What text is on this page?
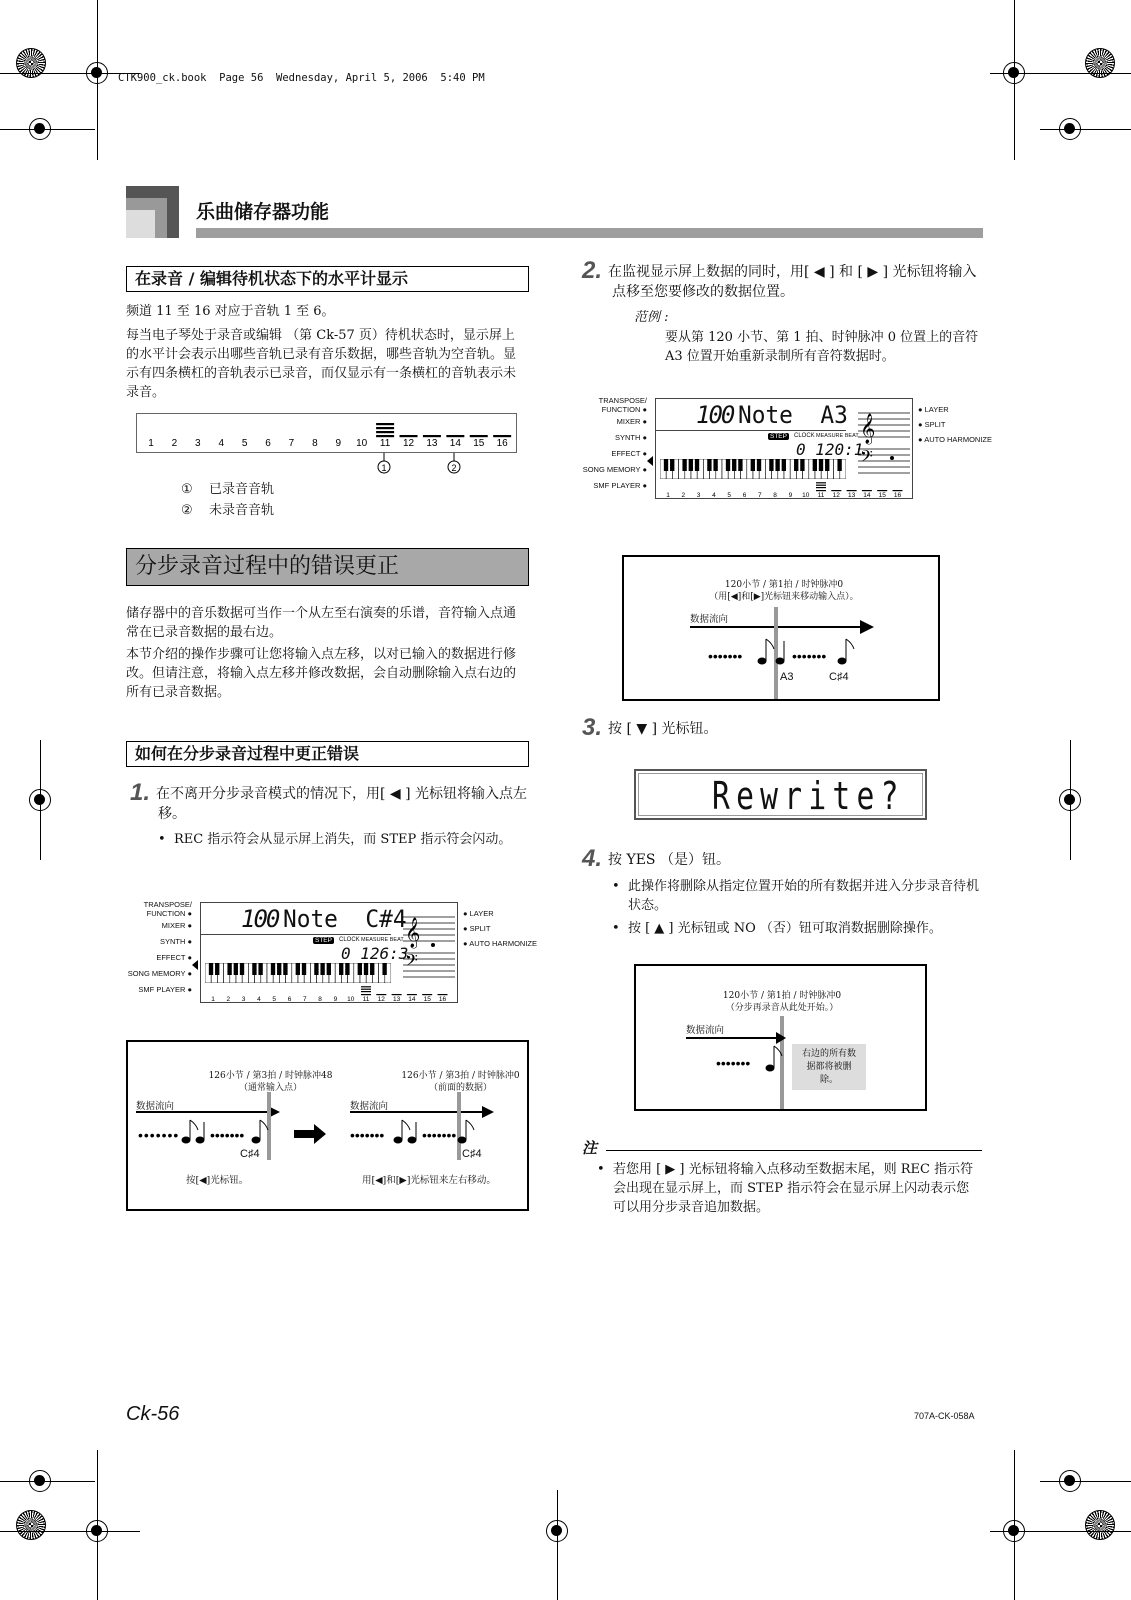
CTK900_ck.book  Page 56  Wednesday, April 5, 2006  5:40 PM
乐曲储存器功能
在录音 / 编辑待机状态下的水平计显示
频道 11 至 16 对应于音轨 1 至 6。
每当电子琴处于录音或编辑 （第 Ck-57 页）待机状态时，显示屏上的水平计会表示出哪些音轨已录有音乐数据，哪些音轨为空音轨。显示有四条横杠的音轨表示已录音，而仅显示有一条横杠的音轨表示未录音。
1 2 3 4 5 6 7 8 9 10 11 12 13 14 15 16
1	2
① 已录音音轨
② 未录音音轨
分步录音过程中的错误更正
储存器中的音乐数据可当作一个从左至右演奏的乐谱，音符输入点通常在已录音数据的最右边。
本节介绍的操作步骤可让您将输入点左移，以对已输入的数据进行修改。但请注意，将输入点左移并修改数据，会自动删除输入点右边的所有已录音数据。
如何在分步录音过程中更正错误
1. 在不离开分步录音模式的情况下，用[ ◀ ] 光标钮将输入点左移。
•  REC 指示符会从显示屏上消失，而 STEP 指示符会闪动。
TRANSPOSE/
FUNCTION ●
MIXER ●
SYNTH ●
EFFECT ●
SONG MEMORY ●
SMF PLAYER ●
100 Note  C#4
STEP	CLOCK MEASURE BEAT
0 126:3
1 2 3 4 5 6 7 8 9 10 11 12 13 14 15 16
𝄞
𝄢
● LAYER
● SPLIT
● AUTO HARMONIZE
••••••• •••••••	•••••••	•••••••
126小节 / 第3拍 / 时钟脉冲48
（通常输入点）
数据流向
C♯4
按[◀]光标钮。
126小节 / 第3拍 / 时钟脉冲0
（前面的数据）
数据流向
C♯4
用[◀]和[▶]光标钮来左右移动。
2. 在监视显示屏上数据的同时，用[ ◀ ] 和 [ ▶ ] 光标钮将输入点移至您要修改的数据位置。
范例 :
要从第 120 小节、第 1 拍、时钟脉冲 0 位置上的音符 A3 位置开始重新录制所有音符数据时。
TRANSPOSE/
FUNCTION ●
MIXER ●
SYNTH ●
EFFECT ●
SONG MEMORY ●
SMF PLAYER ●
100 Note  A3
STEP	CLOCK MEASURE BEAT
0 120:1
1 2 3 4 5 6 7 8 9 10 11 12 13 14 15 16
𝄞
𝄢
● LAYER
● SPLIT
● AUTO HARMONIZE
•••••••	•••••••
120小节 / 第1拍 / 时钟脉冲0
（用[◀]和[▶]光标钮来移动输入点）。
数据流向
A3	C♯4
3. 按 [ ▼ ] 光标钮。
Rewrite?
4. 按 YES （是）钮。
•  此操作将删除从指定位置开始的所有数据并进入分步录音待机状态。
•  按 [ ▲ ] 光标钮或 NO （否）钮可取消数据删除操作。
•••••••
120小节 / 第1拍 / 时钟脉冲0
（分步再录音从此处开始。）
数据流向
右边的所有数据都将被删除。
注
•  若您用 [ ▶ ] 光标钮将输入点移动至数据末尾，则 REC 指示符会出现在显示屏上，而 STEP 指示符会在显示屏上闪动表示您可以用分步录音追加数据。
Ck-56	707A-CK-058A
